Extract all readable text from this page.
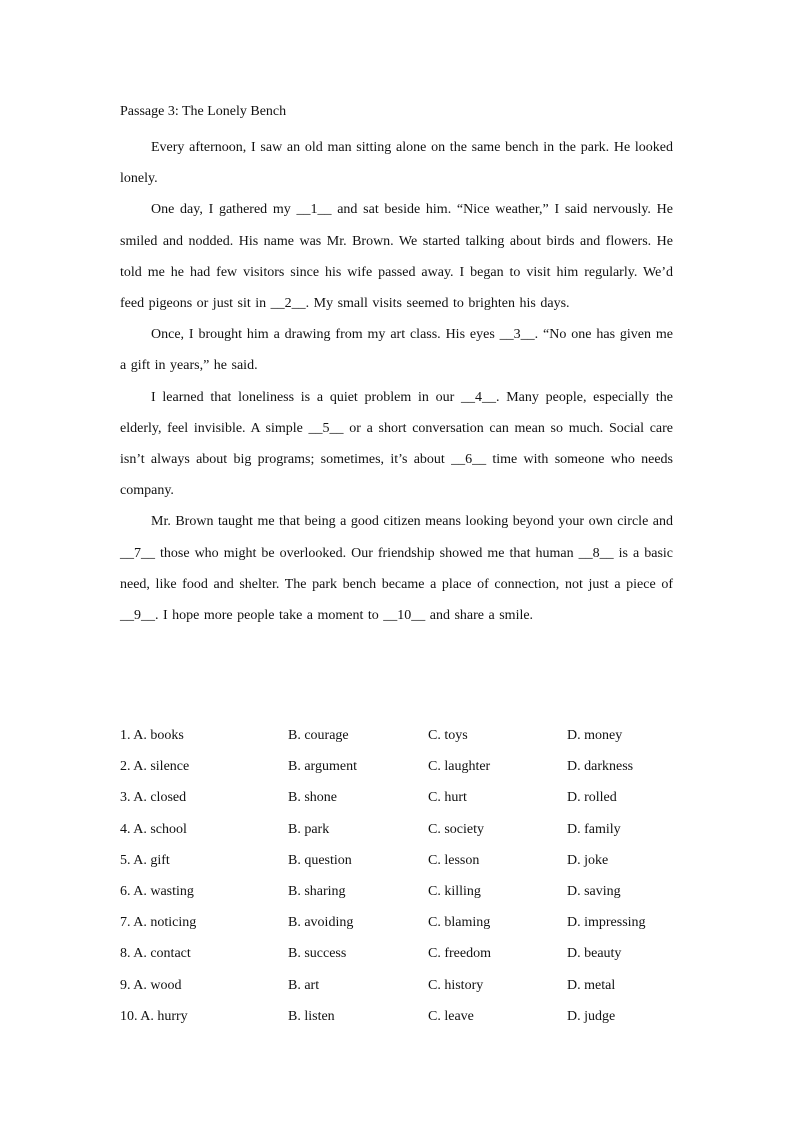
Passage 3: The Lonely Bench

Every afternoon, I saw an old man sitting alone on the same bench in the park. He looked lonely.

One day, I gathered my __1__ and sat beside him. “Nice weather,” I said nervously. He smiled and nodded. His name was Mr. Brown. We started talking about birds and flowers. He told me he had few visitors since his wife passed away. I began to visit him regularly. We’d feed pigeons or just sit in __2__. My small visits seemed to brighten his days.

Once, I brought him a drawing from my art class. His eyes __3__. “No one has given me a gift in years,” he said.

I learned that loneliness is a quiet problem in our __4__. Many people, especially the elderly, feel invisible. A simple __5__ or a short conversation can mean so much. Social care isn’t always about big programs; sometimes, it’s about __6__ time with someone who needs company.

Mr. Brown taught me that being a good citizen means looking beyond your own circle and __7__ those who might be overlooked. Our friendship showed me that human __8__ is a basic need, like food and shelter. The park bench became a place of connection, not just a piece of __9__. I hope more people take a moment to __10__ and share a smile.

1. A. books	B. courage	C. toys	D. money
2. A. silence	B. argument	C. laughter	D. darkness
3. A. closed	B. shone	C. hurt	D. rolled
4. A. school	B. park	C. society	D. family
5. A. gift	B. question	C. lesson	D. joke
6. A. wasting	B. sharing	C. killing	D. saving
7. A. noticing	B. avoiding	C. blaming	D. impressing
8. A. contact	B. success	C. freedom	D. beauty
9. A. wood	B. art	C. history	D. metal
10. A. hurry	B. listen	C. leave	D. judge
